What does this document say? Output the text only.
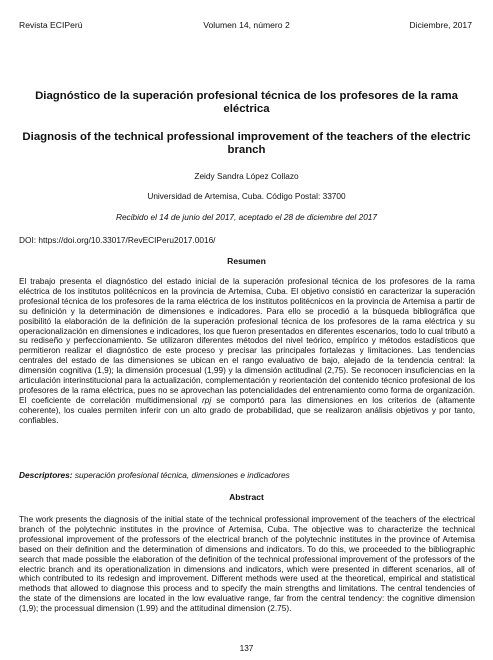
Revista ECIPerú	Volumen 14, número 2	Diciembre, 2017
Diagnóstico de la superación profesional técnica de los profesores de la rama eléctrica
Diagnosis of the technical professional improvement of the teachers of the electric branch
Zeidy Sandra López Collazo
Universidad de Artemisa, Cuba. Código Postal: 33700
Recibido el 14 de junio del 2017, aceptado el 28 de diciembre del 2017
DOI: https://doi.org/10.33017/RevECIPeru2017.0016/
Resumen
El trabajo presenta el diagnóstico del estado inicial de la superación profesional técnica de los profesores de la rama eléctrica de los institutos politécnicos en la provincia de Artemisa, Cuba. El objetivo consistió en caracterizar la superación profesional técnica de los profesores de la rama eléctrica de los institutos politécnicos en la provincia de Artemisa a partir de su definición y la determinación de dimensiones e indicadores. Para ello se procedió a la búsqueda bibliográfica que posibilitó la elaboración de la definición de la superación profesional técnica de los profesores de la rama eléctrica y su operacionalización en dimensiones e indicadores, los que fueron presentados en diferentes escenarios, todo lo cual tributó a su rediseño y perfeccionamiento. Se utilizaron diferentes métodos del nivel teórico, empírico y métodos estadísticos que permitieron realizar el diagnóstico de este proceso y precisar las principales fortalezas y limitaciones. Las tendencias centrales del estado de las dimensiones se ubican en el rango evaluativo de bajo, alejado de la tendencia central: la dimensión cognitiva (1,9); la dimensión procesual (1,99) y la dimensión actitudinal (2,75). Se reconocen insuficiencias en la articulación interinstitucional para la actualización, complementación y reorientación del contenido técnico profesional de los profesores de la rama eléctrica, pues no se aprovechan las potencialidades del entrenamiento como forma de organización. El coeficiente de correlación multidimensional rpj se comportó para las dimensiones en los criterios de (altamente coherente), los cuales permiten inferir con un alto grado de probabilidad, que se realizaron análisis objetivos y por tanto, confiables.
Descriptores: superación profesional técnica, dimensiones e indicadores
Abstract
The work presents the diagnosis of the initial state of the technical professional improvement of the teachers of the electrical branch of the polytechnic institutes in the province of Artemisa, Cuba. The objective was to characterize the technical professional improvement of the professors of the electrical branch of the polytechnic institutes in the province of Artemisa based on their definition and the determination of dimensions and indicators. To do this, we proceeded to the bibliographic search that made possible the elaboration of the definition of the technical professional improvement of the professors of the electric branch and its operationalization in dimensions and indicators, which were presented in different scenarios, all of which contributed to its redesign and improvement. Different methods were used at the theoretical, empirical and statistical methods that allowed to diagnose this process and to specify the main strengths and limitations. The central tendencies of the state of the dimensions are located in the low evaluative range, far from the central tendency: the cognitive dimension (1,9); the processual dimension (1.99) and the attitudinal dimension (2.75).
137
